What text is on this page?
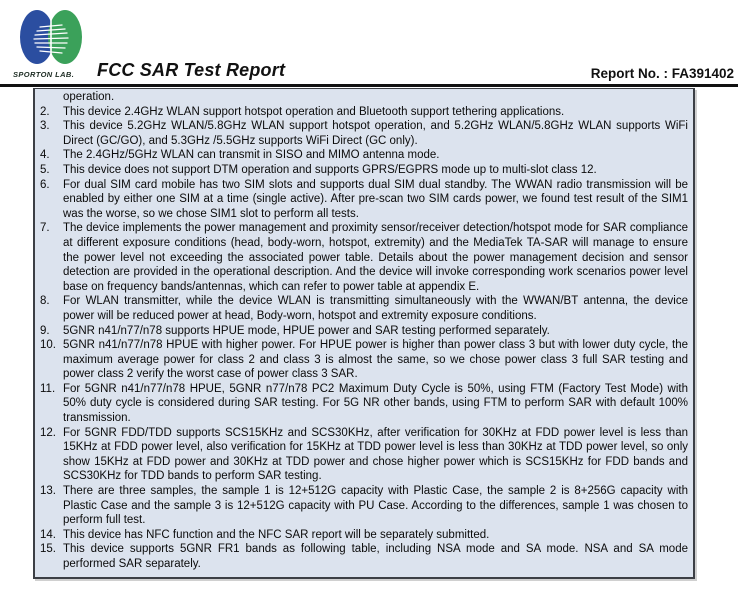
SPORTON LAB. FCC SAR Test Report	Report No. : FA391402
operation.
2.	This device 2.4GHz WLAN support hotspot operation and Bluetooth support tethering applications.
3.	This device 5.2GHz WLAN/5.8GHz WLAN support hotspot operation, and 5.2GHz WLAN/5.8GHz WLAN supports WiFi Direct (GC/GO), and 5.3GHz /5.5GHz supports WiFi Direct (GC only).
4.	The 2.4GHz/5GHz WLAN can transmit in SISO and MIMO antenna mode.
5.	This device does not support DTM operation and supports GPRS/EGPRS mode up to multi-slot class 12.
6.	For dual SIM card mobile has two SIM slots and supports dual SIM dual standby. The WWAN radio transmission will be enabled by either one SIM at a time (single active). After pre-scan two SIM cards power, we found test result of the SIM1 was the worse, so we chose SIM1 slot to perform all tests.
7.	The device implements the power management and proximity sensor/receiver detection/hotspot mode for SAR compliance at different exposure conditions (head, body-worn, hotspot, extremity) and the MediaTek TA-SAR will manage to ensure the power level not exceeding the associated power table. Details about the power management decision and sensor detection are provided in the operational description. And the device will invoke corresponding work scenarios power level base on frequency bands/antennas, which can refer to power table at appendix E.
8.	For WLAN transmitter, while the device WLAN is transmitting simultaneously with the WWAN/BT antenna, the device power will be reduced power at head, Body-worn, hotspot and extremity exposure conditions.
9.	5GNR n41/n77/n78 supports HPUE mode, HPUE power and SAR testing performed separately.
10. 5GNR n41/n77/n78 HPUE with higher power. For HPUE power is higher than power class 3 but with lower duty cycle, the maximum average power for class 2 and class 3 is almost the same, so we chose power class 3 full SAR testing and power class 2 verify the worst case of power class 3 SAR.
11. For 5GNR n41/n77/n78 HPUE, 5GNR n77/n78 PC2 Maximum Duty Cycle is 50%, using FTM (Factory Test Mode) with 50% duty cycle is considered during SAR testing. For 5G NR other bands, using FTM to perform SAR with default 100% transmission.
12. For 5GNR FDD/TDD supports SCS15KHz and SCS30KHz, after verification for 30KHz at FDD power level is less than 15KHz at FDD power level, also verification for 15KHz at TDD power level is less than 30KHz at TDD power level, so only show 15KHz at FDD power and 30KHz at TDD power and chose higher power which is SCS15KHz for FDD bands and SCS30KHz for TDD bands to perform SAR testing.
13. There are three samples, the sample 1 is 12+512G capacity with Plastic Case, the sample 2 is 8+256G capacity with Plastic Case and the sample 3 is 12+512G capacity with PU Case. According to the differences, sample 1 was chosen to perform full test.
14. This device has NFC function and the NFC SAR report will be separately submitted.
15. This device supports 5GNR FR1 bands as following table, including NSA mode and SA mode. NSA and SA mode performed SAR separately.
